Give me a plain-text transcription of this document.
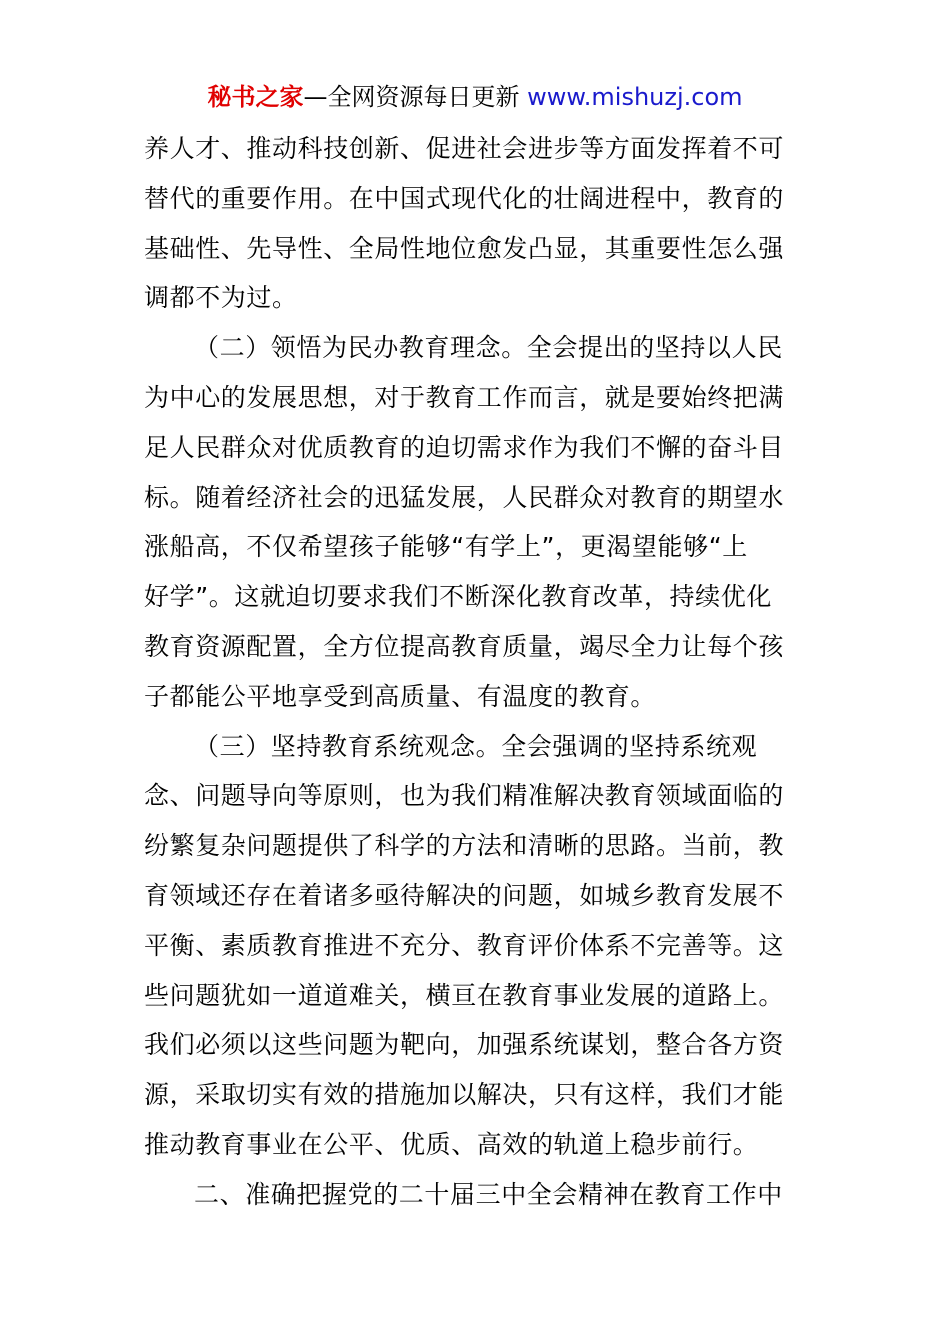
秘书之家—全网资源每日更新 www.mishuzj.com
养人才、推动科技创新、促进社会进步等方面发挥着不可
替代的重要作用。在中国式现代化的壮阔进程中，教育的
基础性、先导性、全局性地位愈发凸显，其重要性怎么强
调都不为过。
（二）领悟为民办教育理念。全会提出的坚持以人民
为中心的发展思想，对于教育工作而言，就是要始终把满
足人民群众对优质教育的迫切需求作为我们不懈的奋斗目
标。随着经济社会的迅猛发展，人民群众对教育的期望水
涨船高，不仅希望孩子能够“有学上”，更渴望能够“上
好学”。这就迫切要求我们不断深化教育改革，持续优化
教育资源配置，全方位提高教育质量，竭尽全力让每个孩
子都能公平地享受到高质量、有温度的教育。
（三）坚持教育系统观念。全会强调的坚持系统观
念、问题导向等原则，也为我们精准解决教育领域面临的
纷繁复杂问题提供了科学的方法和清晰的思路。当前，教
育领域还存在着诸多亟待解决的问题，如城乡教育发展不
平衡、素质教育推进不充分、教育评价体系不完善等。这
些问题犹如一道道难关，横亘在教育事业发展的道路上。
我们必须以这些问题为靶向，加强系统谋划，整合各方资
源，采取切实有效的措施加以解决，只有这样，我们才能
推动教育事业在公平、优质、高效的轨道上稳步前行。
二、准确把握党的二十届三中全会精神在教育工作中
